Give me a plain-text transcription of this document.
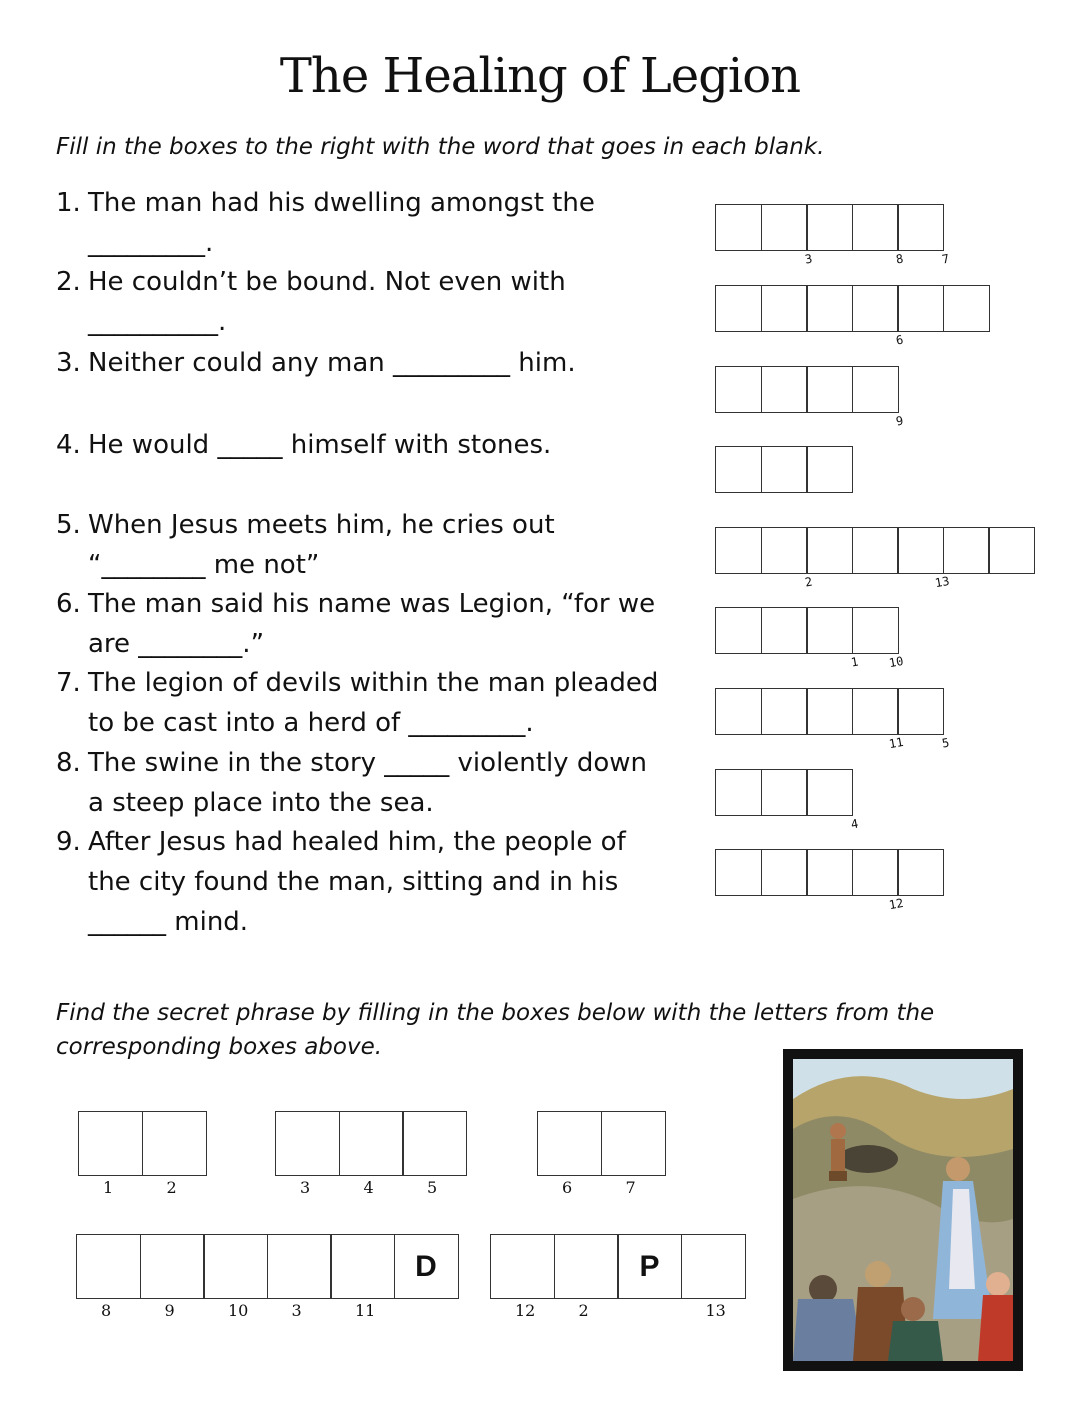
The Healing of Legion
Fill in the boxes to the right with the word that goes in each blank.
1. The man had his dwelling amongst the
_________.
2. He couldn’t be bound. Not even with
__________.
3. Neither could any man _________ him.
4. He would _____ himself with stones.
5. When Jesus meets him, he cries out
“________ me not”
6. The man said his name was Legion, “for we
are ________.”
7. The legion of devils within the man pleaded
to be cast into a herd of _________.
8. The swine in the story _____ violently down
a steep place into the sea.
9. After Jesus had healed him, the people of
the city found the man, sitting and in his
______ mind.
3	8	7
6
9
2	13
1 10
11	5
4
12
Find the secret phrase by filling in the boxes below with the letters from the
corresponding boxes above.
1	2	3	4	5	6	7
8	9	10	3	11
D
12	2
P
13
